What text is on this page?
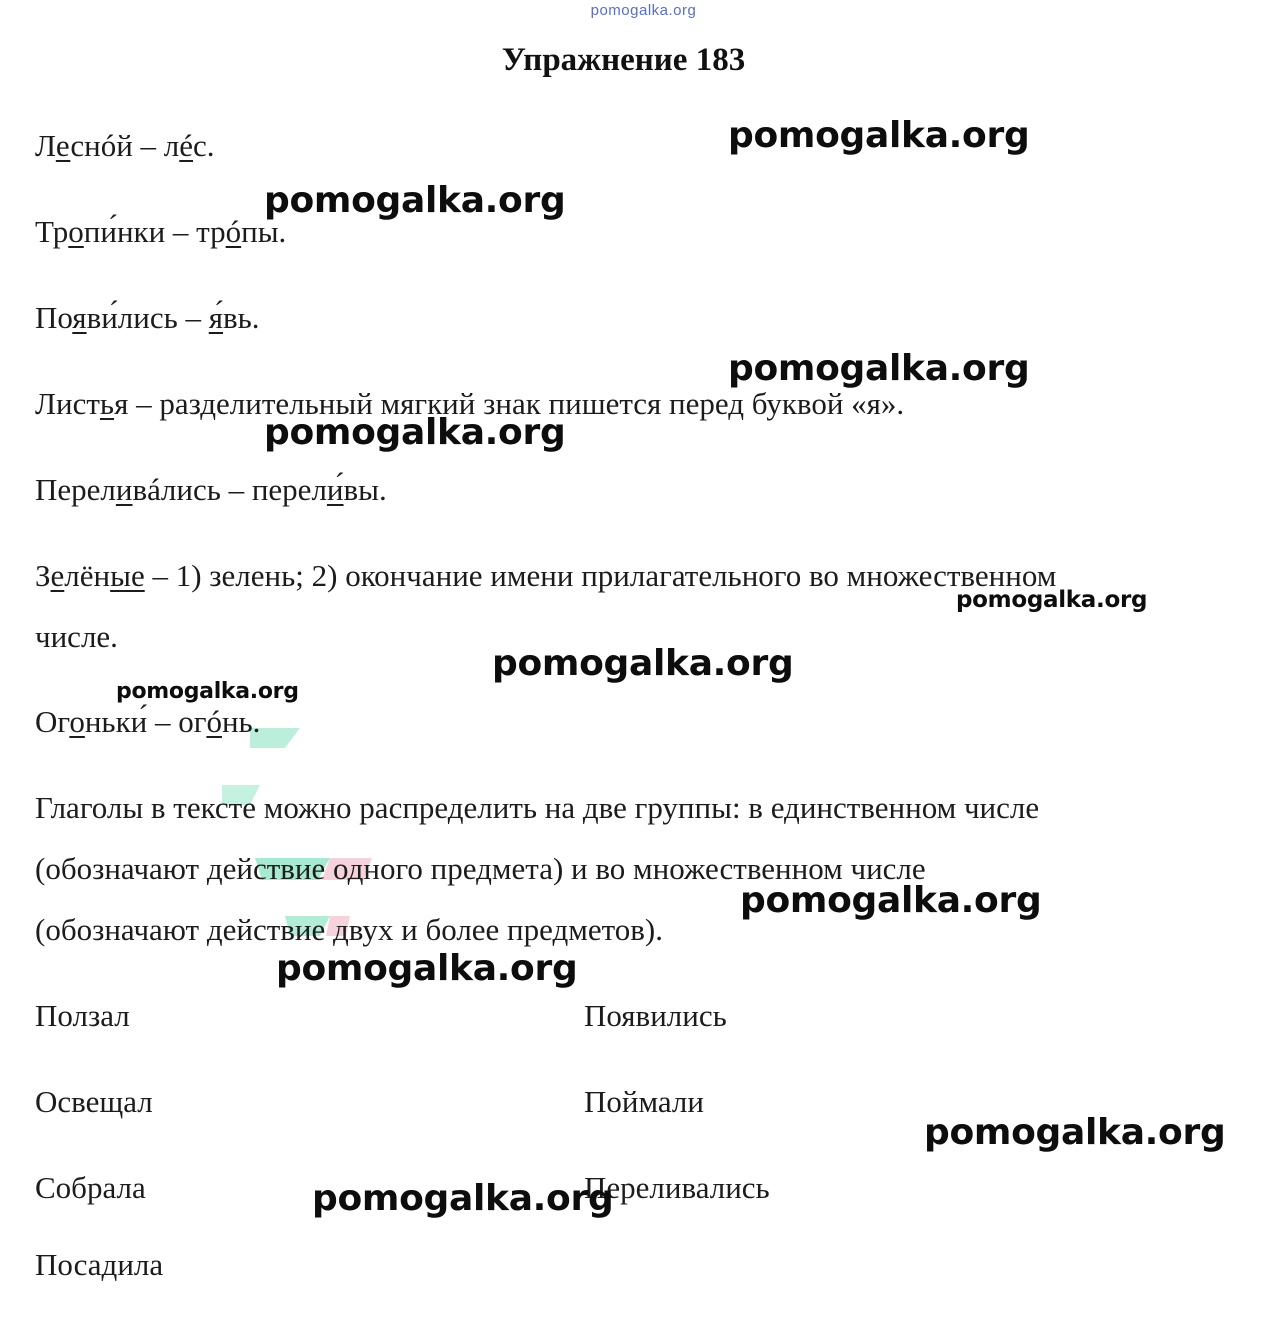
pomogalka.org
Упражнение 183
Леснóй – лéс.
Тропи́нки – трóпы.
Появи́лись – я́вь.
Листья – разделительный мягкий знак пишется перед буквой «я».
Переливáлись – перели́вы.
Зелёные – 1) зелень; 2) окончание имени прилагательного во множественном
числе.
Огоньки́ – огóнь.
Глаголы в тексте можно распределить на две группы: в единственном числе
(обозначают действие одного предмета) и во множественном числе
(обозначают действие двух и более предметов).
Ползал
Освещал
Собрала
Посадила
Появились
Поймали
Переливались
pomogalka.org
pomogalka.org
pomogalka.org
pomogalka.org
pomogalka.org
pomogalka.org
pomogalka.org
pomogalka.org
pomogalka.org
pomogalka.org
pomogalka.org
